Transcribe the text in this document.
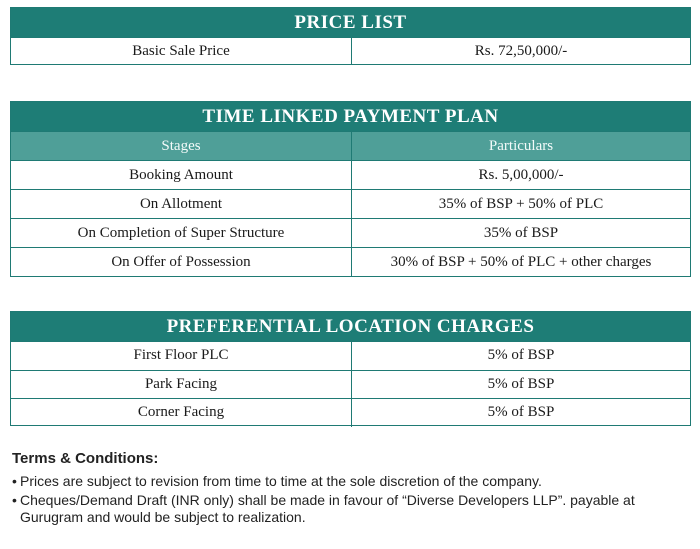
PRICE LIST
Basic Sale Price	Rs. 72,50,000/-
TIME LINKED PAYMENT PLAN
Stages	Particulars
Booking Amount	Rs. 5,00,000/-
On Allotment	35% of BSP + 50% of PLC
On Completion of Super Structure	35% of BSP
On Offer of Possession	30% of BSP + 50% of PLC + other charges
PREFERENTIAL LOCATION CHARGES
First Floor PLC	5% of BSP
Park Facing	5% of BSP
Corner Facing	5% of BSP
Terms & Conditions:
• Prices are subject to revision from time to time at the sole discretion of the company.
• Cheques/Demand Draft (INR only) shall be made in favour of “Diverse Developers LLP”. payable at Gurugram and would be subject to realization.
